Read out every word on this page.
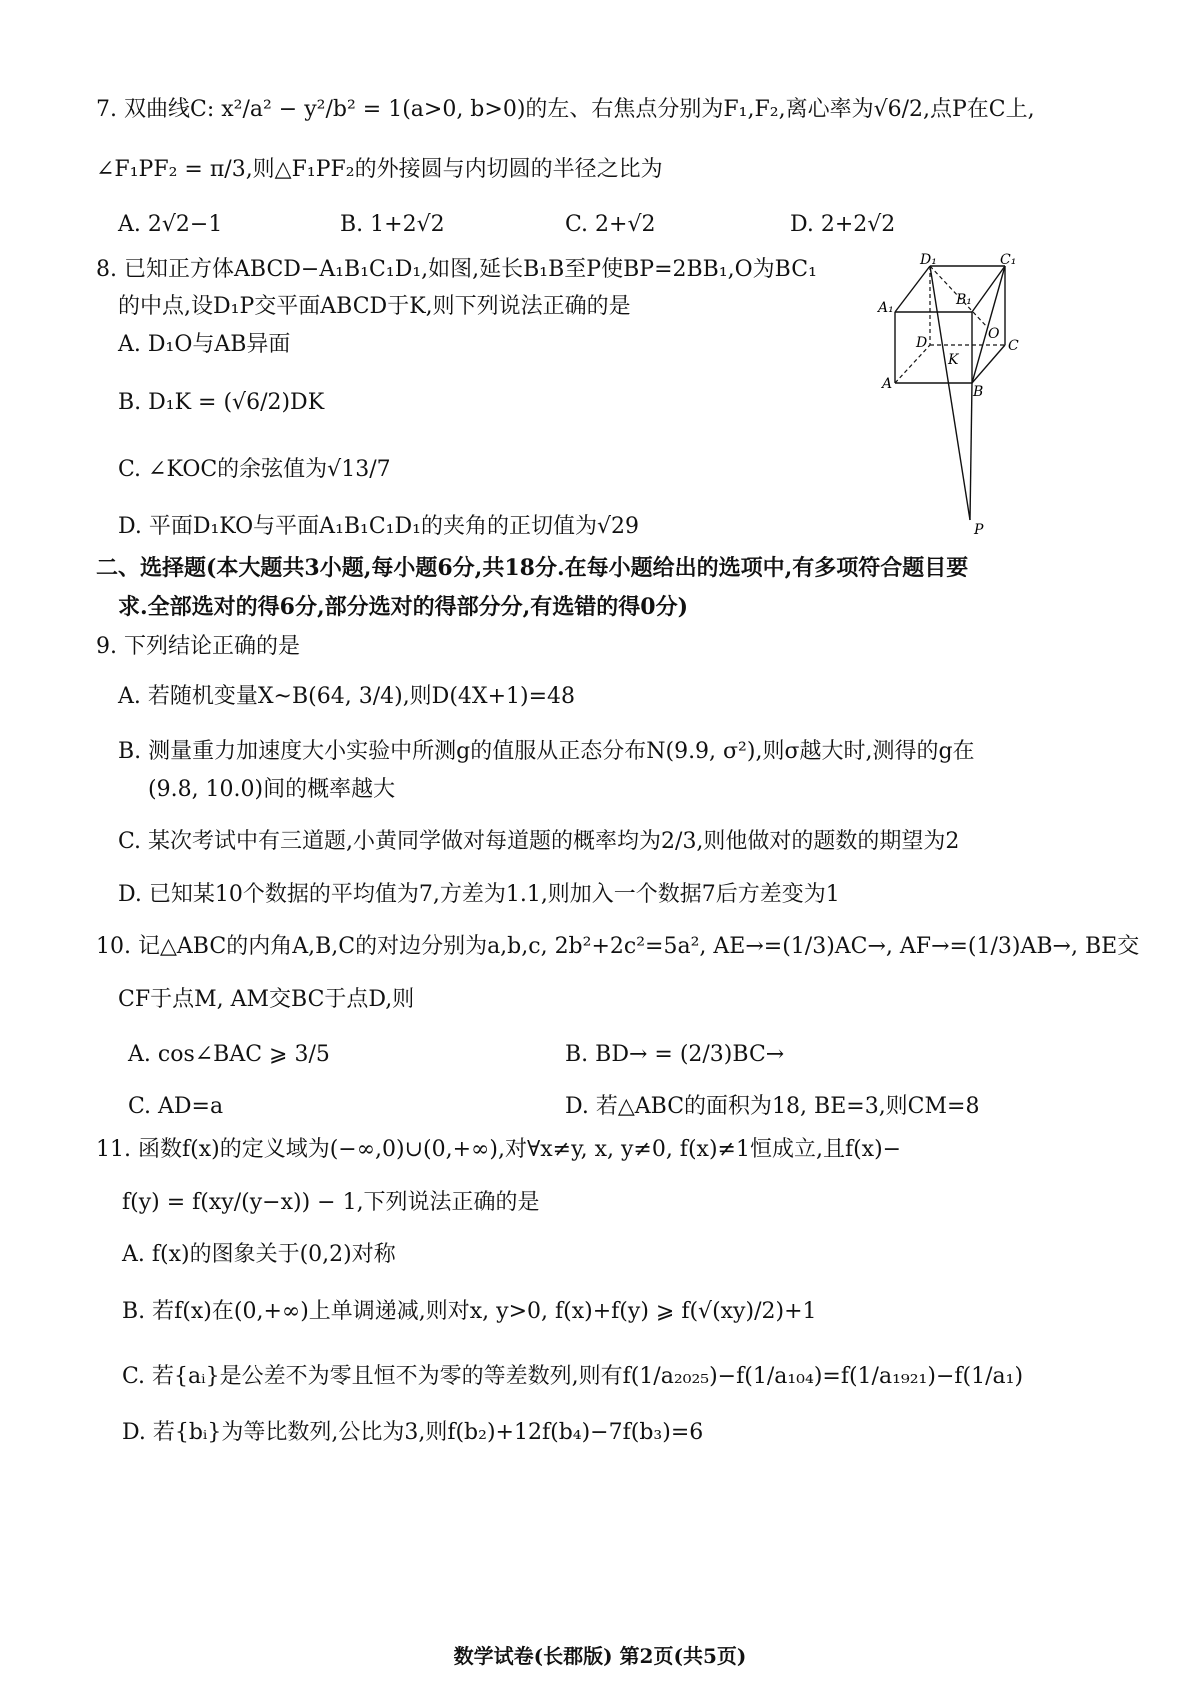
7. 双曲线C: x²/a² − y²/b² = 1(a>0, b>0)的左、右焦点分别为F₁,F₂,离心率为√6/2,点P在C上,
∠F₁PF₂ = π/3,则△F₁PF₂的外接圆与内切圆的半径之比为
A. 2√2−1	B. 1+2√2	C. 2+√2	D. 2+2√2
8. 已知正方体ABCD−A₁B₁C₁D₁,如图,延长B₁B至P使BP=2BB₁,O为BC₁
的中点,设D₁P交平面ABCD于K,则下列说法正确的是
A. D₁O与AB异面
B. D₁K = (√6/2)DK
C. ∠KOC的余弦值为√13/7
D. 平面D₁KO与平面A₁B₁C₁D₁的夹角的正切值为√29
D₁	C₁
A₁	B₁
D	C
A	B
O
K
P
二、选择题(本大题共3小题,每小题6分,共18分.在每小题给出的选项中,有多项符合题目要
求.全部选对的得6分,部分选对的得部分分,有选错的得0分)
9. 下列结论正确的是
A. 若随机变量X~B(64, 3/4),则D(4X+1)=48
B. 测量重力加速度大小实验中所测g的值服从正态分布N(9.9, σ²),则σ越大时,测得的g在
(9.8, 10.0)间的概率越大
C. 某次考试中有三道题,小黄同学做对每道题的概率均为2/3,则他做对的题数的期望为2
D. 已知某10个数据的平均值为7,方差为1.1,则加入一个数据7后方差变为1
10. 记△ABC的内角A,B,C的对边分别为a,b,c, 2b²+2c²=5a², AE→=(1/3)AC→, AF→=(1/3)AB→, BE交
CF于点M, AM交BC于点D,则
A. cos∠BAC ⩾ 3/5	B. BD→ = (2/3)BC→
C. AD=a	D. 若△ABC的面积为18, BE=3,则CM=8
11. 函数f(x)的定义域为(−∞,0)∪(0,+∞),对∀x≠y, x, y≠0, f(x)≠1恒成立,且f(x)−
f(y) = f(xy/(y−x)) − 1,下列说法正确的是
A. f(x)的图象关于(0,2)对称
B. 若f(x)在(0,+∞)上单调递减,则对x, y>0, f(x)+f(y) ⩾ f(√(xy)/2)+1
C. 若{aᵢ}是公差不为零且恒不为零的等差数列,则有f(1/a₂₀₂₅)−f(1/a₁₀₄)=f(1/a₁₉₂₁)−f(1/a₁)
D. 若{bᵢ}为等比数列,公比为3,则f(b₂)+12f(b₄)−7f(b₃)=6
数学试卷(长郡版) 第2页(共5页)
